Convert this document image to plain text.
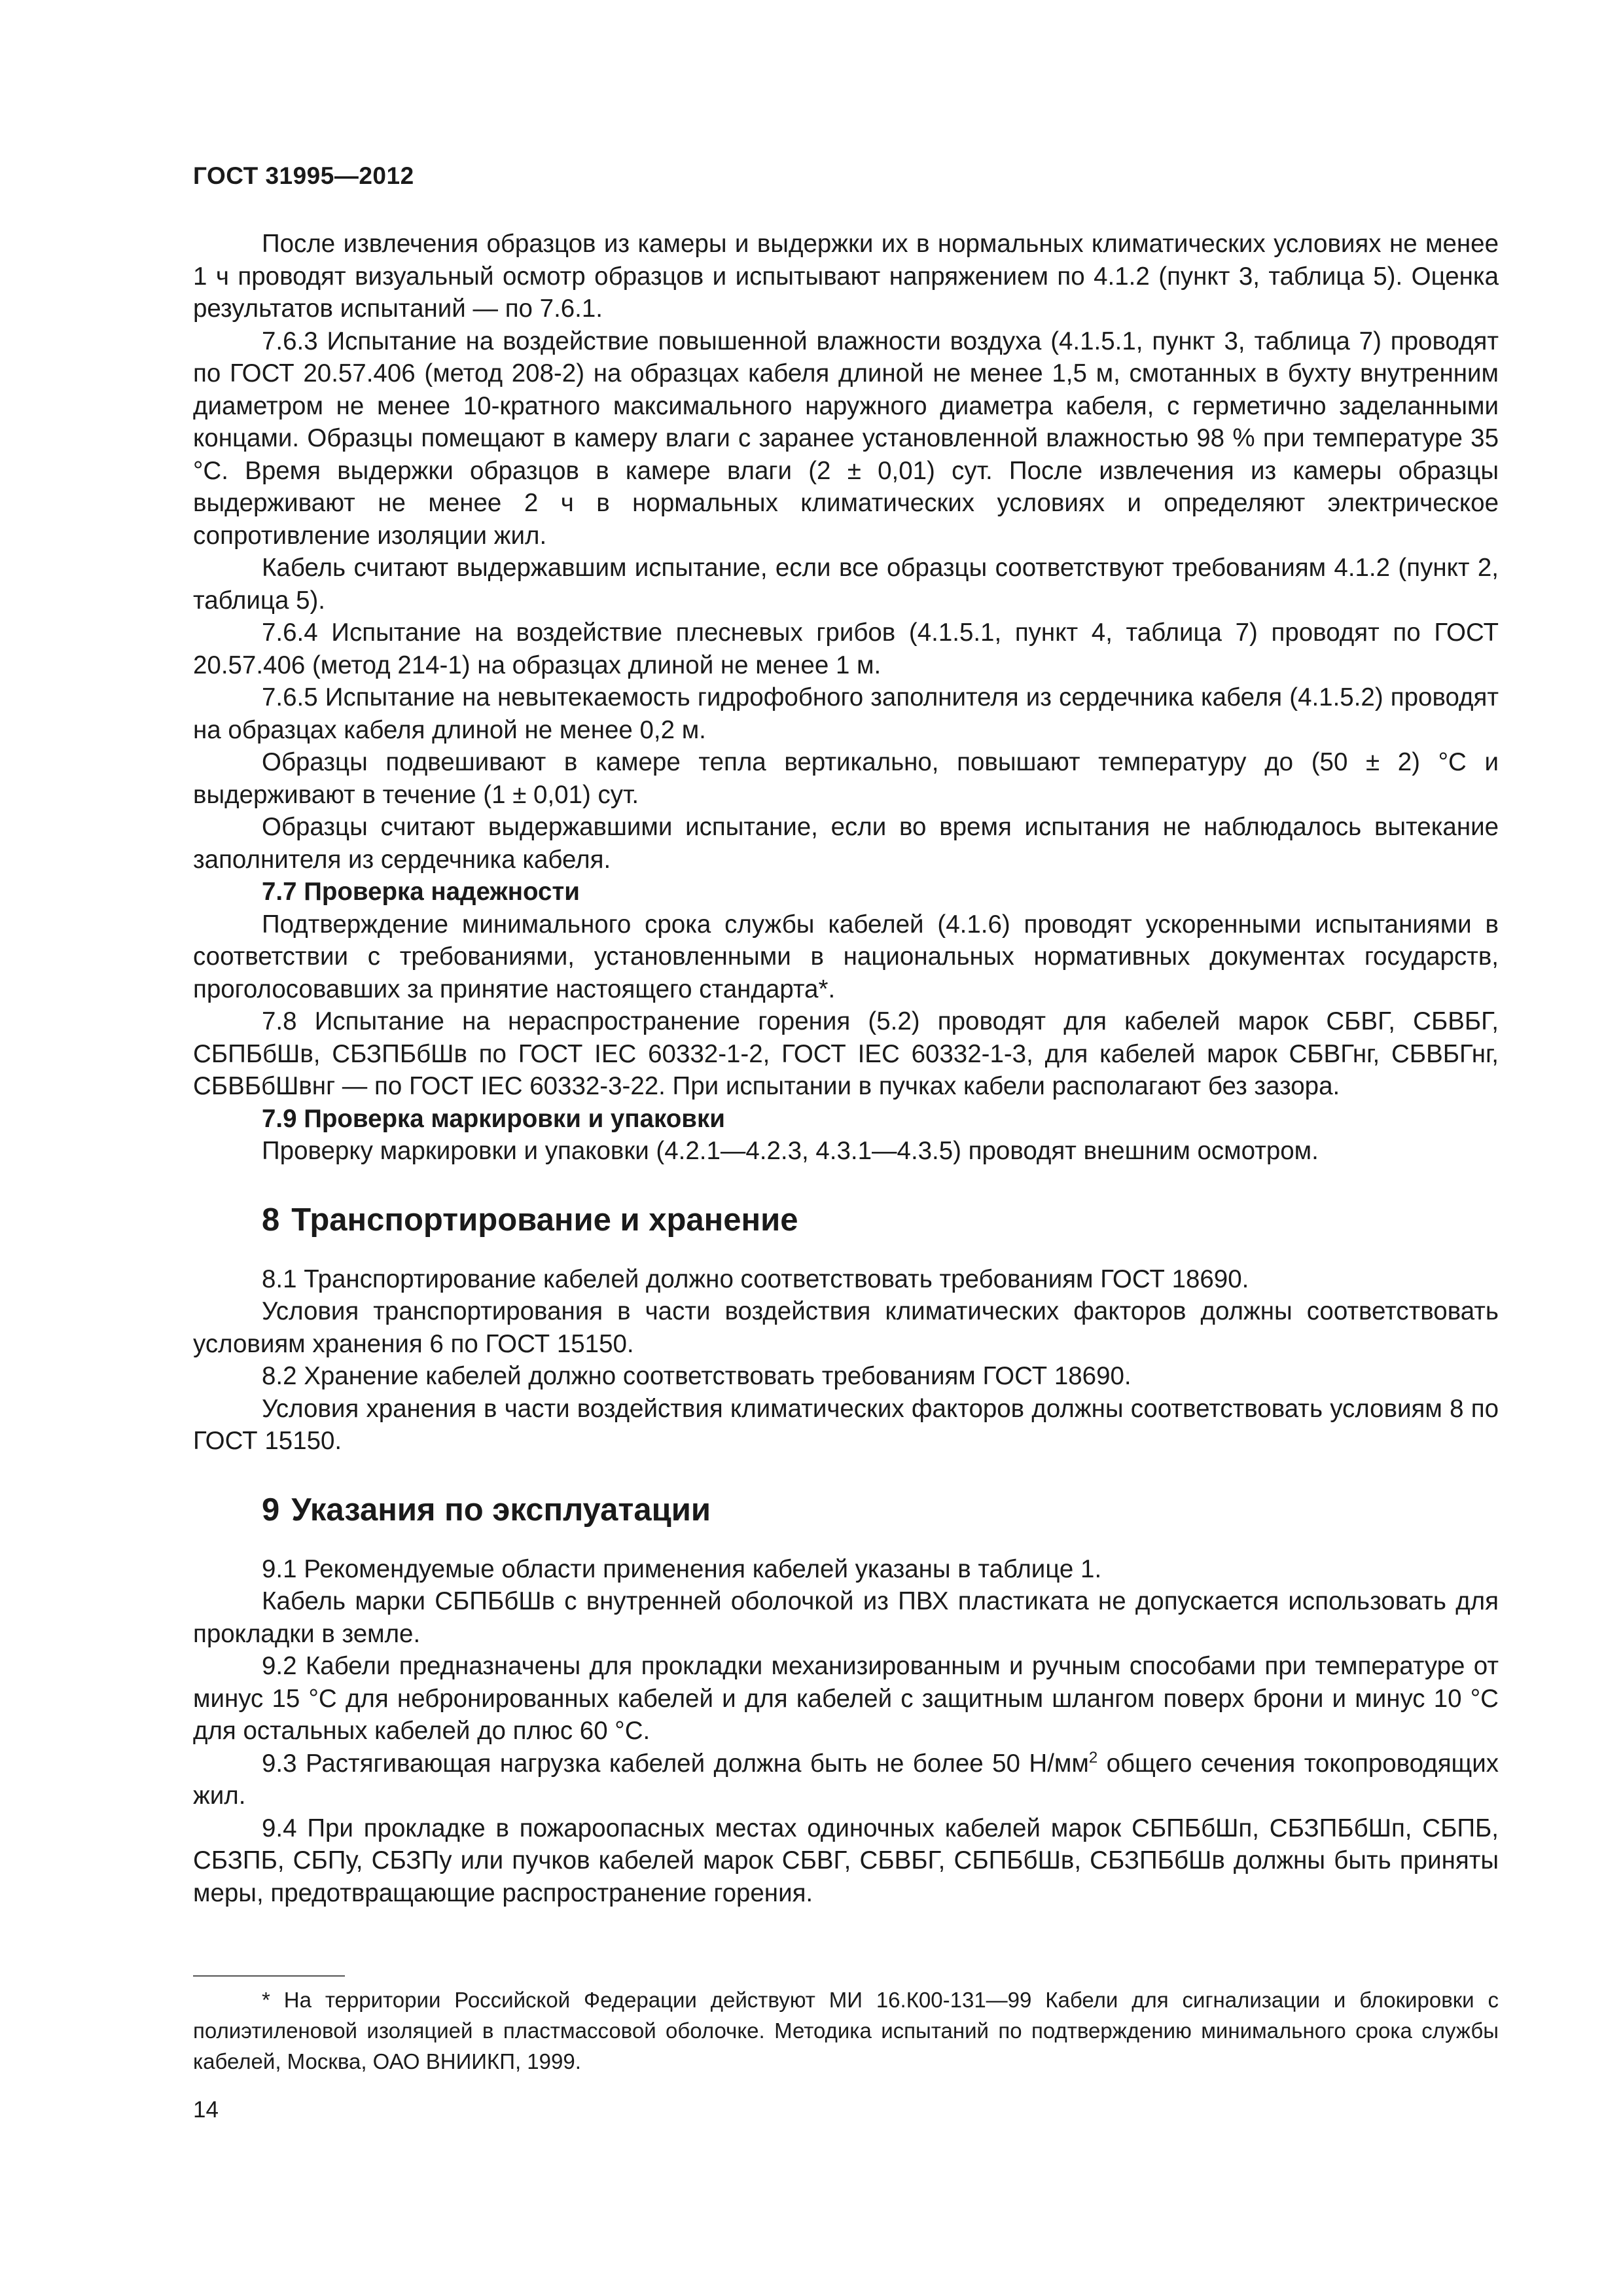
ГОСТ 31995—2012

После извлечения образцов из камеры и выдержки их в нормальных климатических условиях не менее 1 ч проводят визуальный осмотр образцов и испытывают напряжением по 4.1.2 (пункт 3, таблица 5). Оценка результатов испытаний — по 7.6.1.

7.6.3 Испытание на воздействие повышенной влажности воздуха (4.1.5.1, пункт 3, таблица 7) проводят по ГОСТ 20.57.406 (метод 208-2) на образцах кабеля длиной не менее 1,5 м, смотанных в бухту внутренним диаметром не менее 10-кратного максимального наружного диаметра кабеля, с герметично заделанными концами. Образцы помещают в камеру влаги с заранее установленной влажностью 98 % при температуре 35 °С. Время выдержки образцов в камере влаги (2 ± 0,01) сут. После извлечения из камеры образцы выдерживают не менее 2 ч в нормальных климатических условиях и определяют электрическое сопротивление изоляции жил.

Кабель считают выдержавшим испытание, если все образцы соответствуют требованиям 4.1.2 (пункт 2, таблица 5).

7.6.4 Испытание на воздействие плесневых грибов (4.1.5.1, пункт 4, таблица 7) проводят по ГОСТ 20.57.406 (метод 214-1) на образцах длиной не менее 1 м.

7.6.5 Испытание на невытекаемость гидрофобного заполнителя из сердечника кабеля (4.1.5.2) проводят на образцах кабеля длиной не менее 0,2 м.

Образцы подвешивают в камере тепла вертикально, повышают температуру до (50 ± 2) °С и выдерживают в течение (1 ± 0,01) сут.

Образцы считают выдержавшими испытание, если во время испытания не наблюдалось вытекание заполнителя из сердечника кабеля.

7.7 Проверка надежности

Подтверждение минимального срока службы кабелей (4.1.6) проводят ускоренными испытаниями в соответствии с требованиями, установленными в национальных нормативных документах государств, проголосовавших за принятие настоящего стандарта*.

7.8 Испытание на нераспространение горения (5.2) проводят для кабелей марок СБВГ, СБВБГ, СБПБбШв, СБЗПБбШв по ГОСТ IEC 60332-1-2, ГОСТ IEC 60332-1-3, для кабелей марок СБВГнг, СБВБГнг, СБВБбШвнг — по ГОСТ IEC 60332-3-22. При испытании в пучках кабели располагают без зазора.

7.9 Проверка маркировки и упаковки

Проверку маркировки и упаковки (4.2.1—4.2.3, 4.3.1—4.3.5) проводят внешним осмотром.

8 Транспортирование и хранение

8.1 Транспортирование кабелей должно соответствовать требованиям ГОСТ 18690.

Условия транспортирования в части воздействия климатических факторов должны соответствовать условиям хранения 6 по ГОСТ 15150.

8.2 Хранение кабелей должно соответствовать требованиям ГОСТ 18690.

Условия хранения в части воздействия климатических факторов должны соответствовать условиям 8 по ГОСТ 15150.

9 Указания по эксплуатации

9.1 Рекомендуемые области применения кабелей указаны в таблице 1.

Кабель марки СБПБбШв с внутренней оболочкой из ПВХ пластиката не допускается использовать для прокладки в земле.

9.2 Кабели предназначены для прокладки механизированным и ручным способами при температуре от минус 15 °С для небронированных кабелей и для кабелей с защитным шлангом поверх брони и минус 10 °С для остальных кабелей до плюс 60 °С.

9.3 Растягивающая нагрузка кабелей должна быть не более 50 $Н/мм^2$ общего сечения токопроводящих жил.

9.4 При прокладке в пожароопасных местах одиночных кабелей марок СБПБбШп, СБЗПБбШп, СБПБ, СБЗПБ, СБПу, СБЗПу или пучков кабелей марок СБВГ, СБВБГ, СБПБбШв, СБЗПБбШв должны быть приняты меры, предотвращающие распространение горения.

* На территории Российской Федерации действуют МИ 16.К00-131—99 Кабели для сигнализации и блокировки с полиэтиленовой изоляцией в пластмассовой оболочке. Методика испытаний по подтверждению минимального срока службы кабелей, Москва, ОАО ВНИИКП, 1999.

14
